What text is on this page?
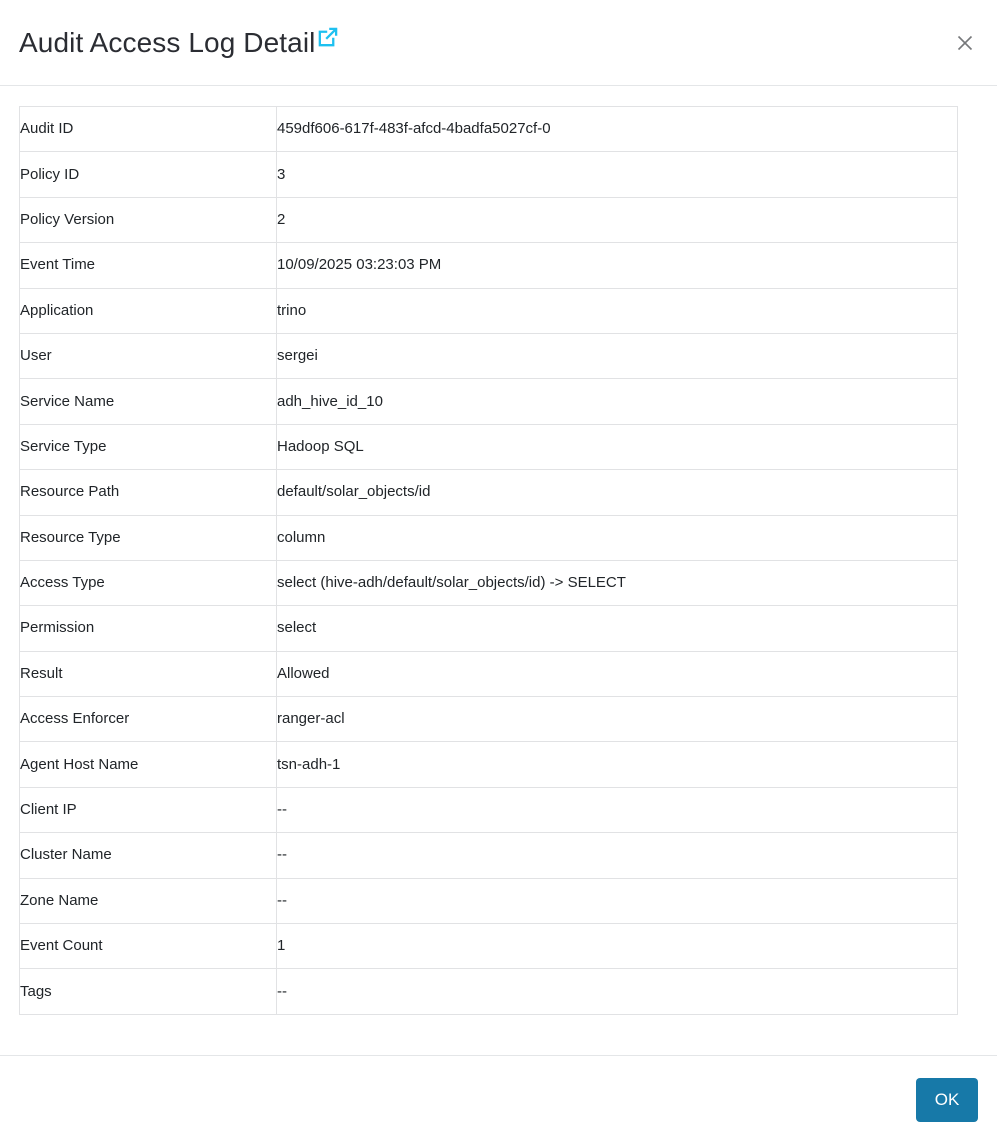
Audit Access Log Detail
Audit ID	459df606-617f-483f-afcd-4badfa5027cf-0
Policy ID	3
Policy Version	2
Event Time	10/09/2025 03:23:03 PM
Application	trino
User	sergei
Service Name	adh_hive_id_10
Service Type	Hadoop SQL
Resource Path	default/solar_objects/id
Resource Type	column
Access Type	select (hive-adh/default/solar_objects/id) -> SELECT
Permission	select
Result	Allowed
Access Enforcer	ranger-acl
Agent Host Name	tsn-adh-1
Client IP	--
Cluster Name	--
Zone Name	--
Event Count	1
Tags	--
OK
